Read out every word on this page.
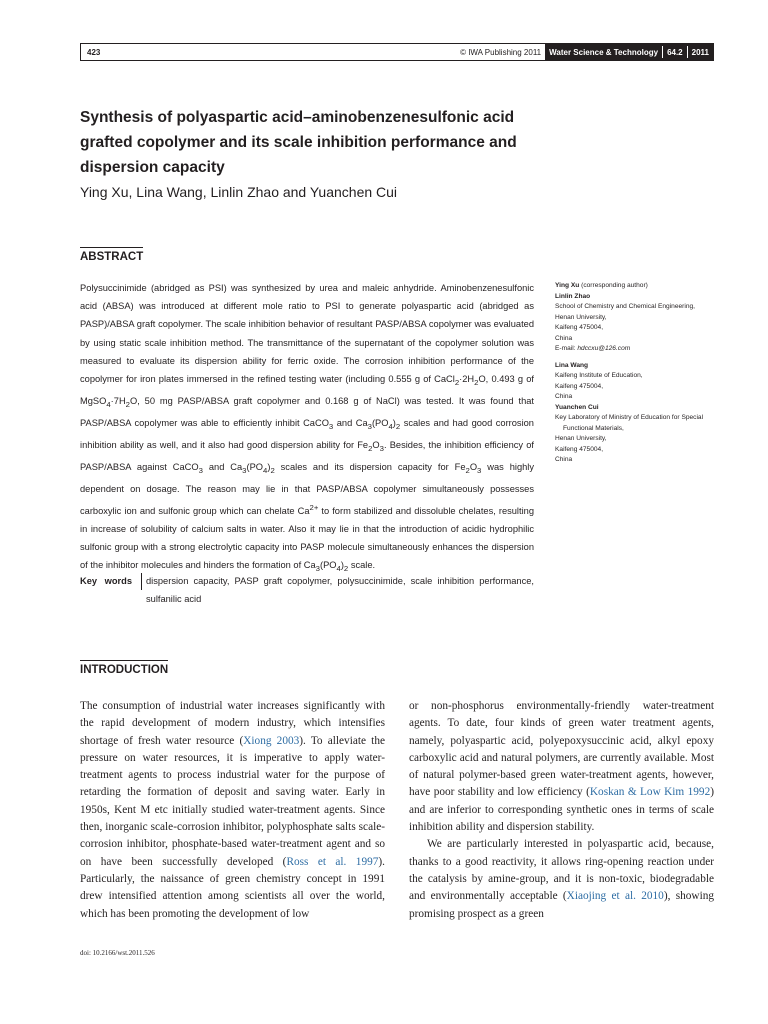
423	© IWA Publishing 2011	Water Science & Technology	64.2	2011
Synthesis of polyaspartic acid–aminobenzenesulfonic acid grafted copolymer and its scale inhibition performance and dispersion capacity

Ying Xu, Lina Wang, Linlin Zhao and Yuanchen Cui

ABSTRACT

Polysuccinimide (abridged as PSI) was synthesized by urea and maleic anhydride. Aminobenzenesulfonic acid (ABSA) was introduced at different mole ratio to PSI to generate polyaspartic acid (abridged as PASP)/ABSA graft copolymer. The scale inhibition behavior of resultant PASP/ABSA copolymer was evaluated by using static scale inhibition method. The transmittance of the supernatant of the copolymer solution was measured to evaluate its dispersion ability for ferric oxide. The corrosion inhibition performance of the copolymer for iron plates immersed in the refined testing water (including 0.555 g of $CaCl_2\cdot 2H_2O$, 0.493 g of $MgSO_4\cdot 7H_2O$, 50 mg PASP/ABSA graft copolymer and 0.168 g of NaCl) was tested. It was found that PASP/ABSA copolymer was able to efficiently inhibit CaCO$_3$ and $Ca_3(PO_4)_2$ scales and had good corrosion inhibition ability as well, and it also had good dispersion ability for $Fe_2O_3$. Besides, the inhibition efficiency of PASP/ABSA against CaCO$_3$ and $Ca_3(PO_4)_2$ scales and its dispersion capacity for $Fe_2O_3$ was highly dependent on dosage. The reason may lie in that PASP/ABSA copolymer simultaneously possesses carboxylic ion and sulfonic group which can chelate $Ca^{2+}$ to form stabilized and dissoluble chelates, resulting in increase of solubility of calcium salts in water. Also it may lie in that the introduction of acidic hydrophilic sulfonic group with a strong electrolytic capacity into PASP molecule simultaneously enhances the dispersion of the inhibitor molecules and hinders the formation of $Ca_3(PO_4)_2$ scale.

Key words	dispersion capacity, PASP graft copolymer, polysuccinimide, scale inhibition performance, sulfanilic acid
Ying Xu (corresponding author)
Linlin Zhao
School of Chemistry and Chemical Engineering,
Henan University,
Kaifeng 475004,
China
E-mail: hdccxu@126.com
Lina Wang
Kaifeng Institute of Education,
Kaifeng 475004,
China
Yuanchen Cui
Key Laboratory of Ministry of Education for Special
Functional Materials,
Henan University,
Kaifeng 475004,
China
INTRODUCTION

The consumption of industrial water increases significantly with the rapid development of modern industry, which intensifies shortage of fresh water resource (Xiong 2003). To alleviate the pressure on water resources, it is imperative to apply water-treatment agents to process industrial water for the purpose of retarding the formation of deposit and saving water. Early in 1950s, Kent M etc initially studied water-treatment agents. Since then, inorganic scale-corrosion inhibitor, polyphosphate salts scale-corrosion inhibitor, phosphate-based water-treatment agent and so on have been successfully developed (Ross et al. 1997). Particularly, the naissance of green chemistry concept in 1991 drew intensified attention among scientists all over the world, which has been promoting the development of low

or non-phosphorus environmentally-friendly water-treatment agents. To date, four kinds of green water treatment agents, namely, polyaspartic acid, polyepoxysuccinic acid, alkyl epoxy carboxylic acid and natural polymers, are currently available. Most of natural polymer-based green water-treatment agents, however, have poor stability and low efficiency (Koskan & Low Kim 1992) and are inferior to corresponding synthetic ones in terms of scale inhibition ability and dispersion stability.

We are particularly interested in polyaspartic acid, because, thanks to a good reactivity, it allows ring-opening reaction under the catalysis by amine-group, and it is non-toxic, biodegradable and environmentally acceptable (Xiaojing et al. 2010), showing promising prospect as a green

doi: 10.2166/wst.2011.526
